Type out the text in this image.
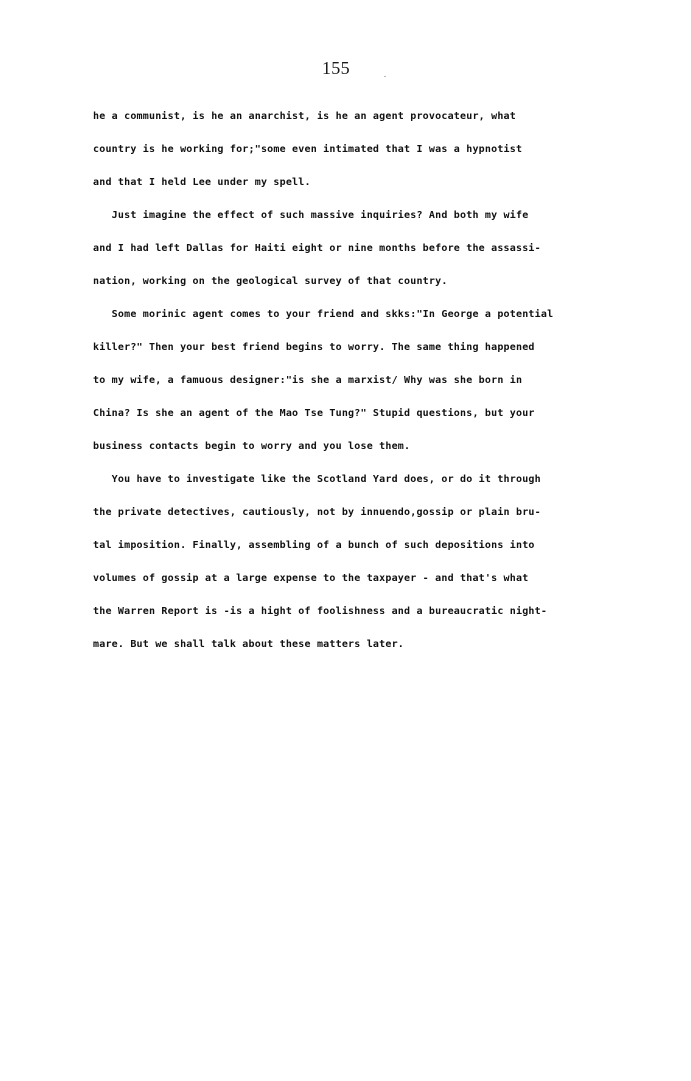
155
he a communist, is he an anarchist, is he an agent provocateur, what
country is he working for;"some even intimated that I was a hypnotist
and that I held Lee under my spell.
Just imagine the effect of such massive inquiries? And both my wife
and I had left Dallas for Haiti eight or nine months before the assassi-
nation, working on the geological survey of that country.
Some morinic agent comes to your friend and skks:"In George a potential
killer?" Then your best friend begins to worry. The same thing happened
to my wife, a famuous designer:"is she a marxist/ Why was she born in
China? Is she an agent of the Mao Tse Tung?" Stupid questions, but your
business contacts begin to worry and you lose them.
You have to investigate like the Scotland Yard does, or do it through
the private detectives, cautiously, not by innuendo,gossip or plain bru-
tal imposition. Finally, assembling of a bunch of such depositions into
volumes of gossip at a large expense to the taxpayer - and that's what
the Warren Report is -is a hight of foolishness and a bureaucratic night-
mare. But we shall talk about these matters later.
